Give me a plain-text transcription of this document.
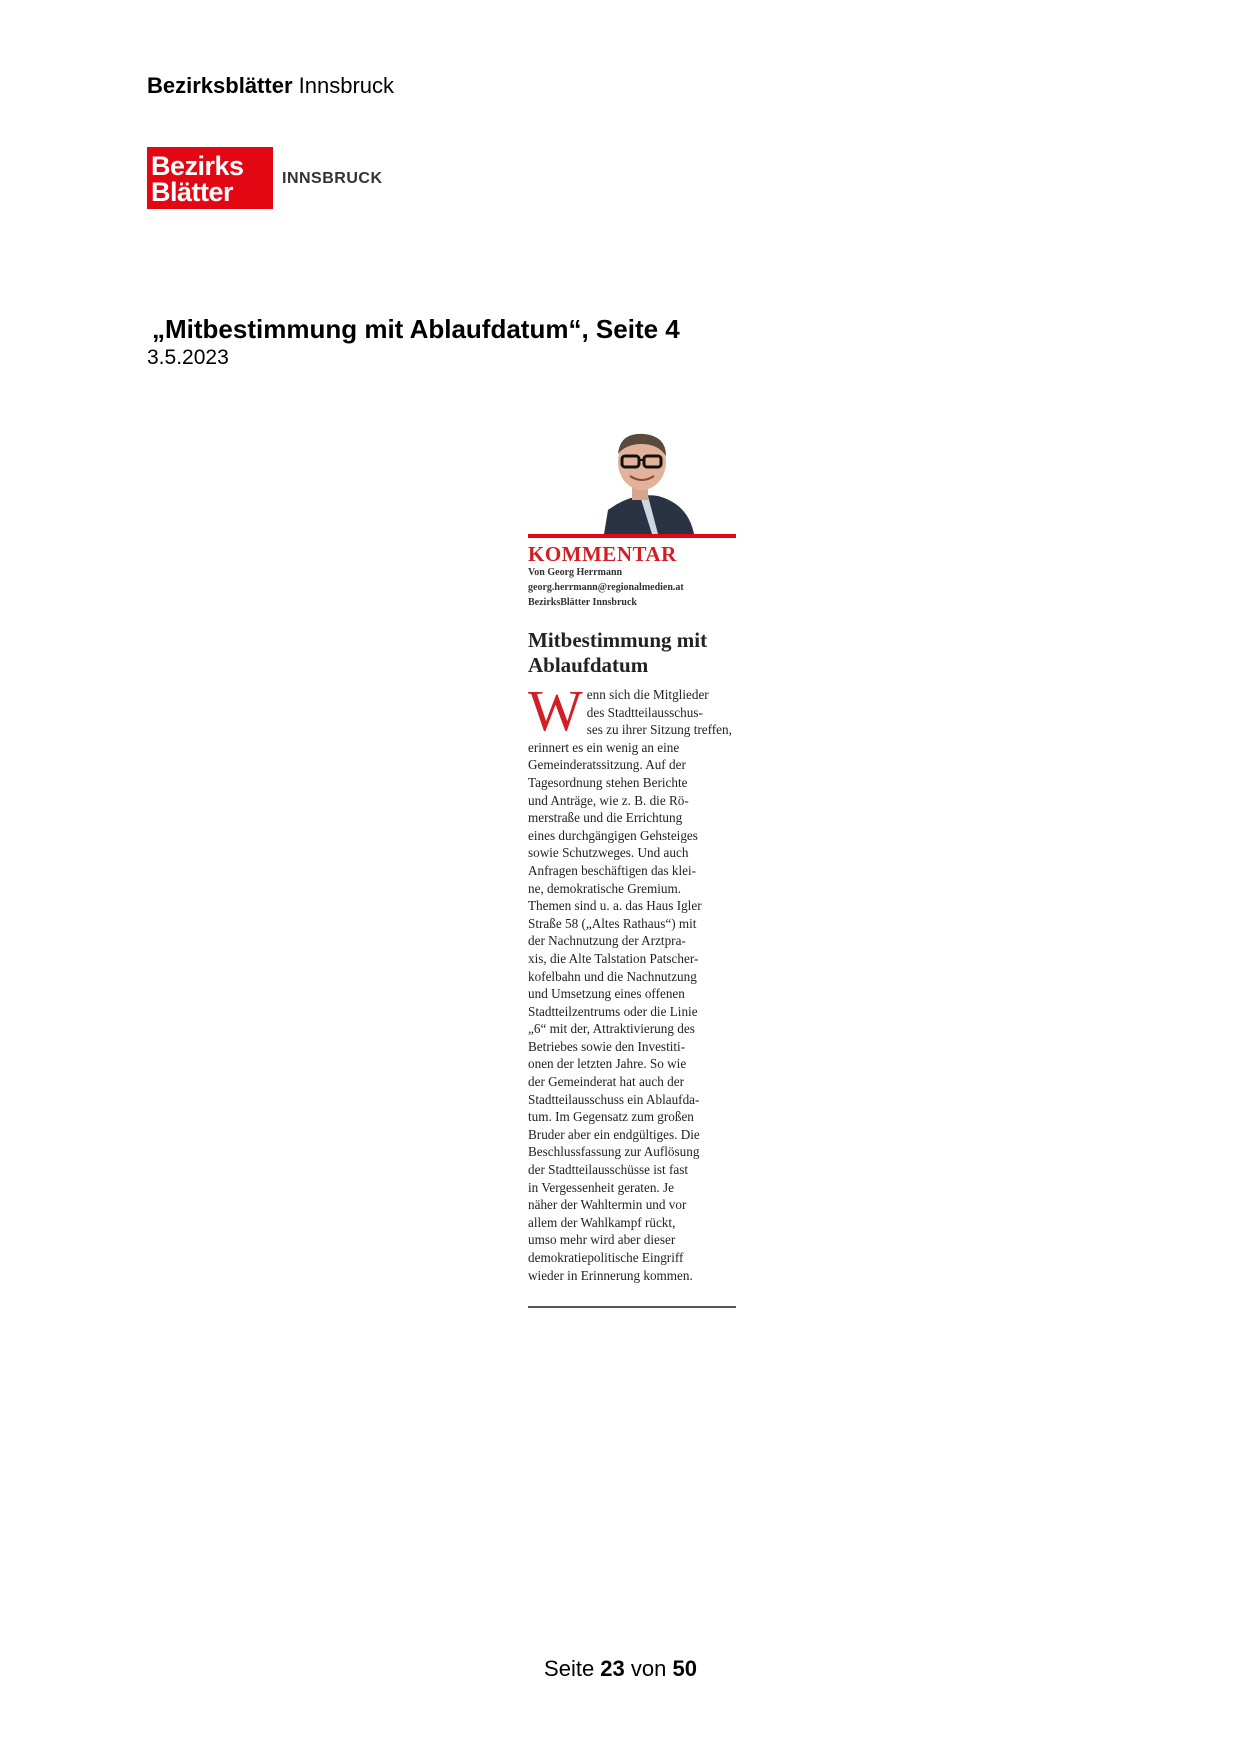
Bezirksblätter Innsbruck
Bezirks
Blätter	INNSBRUCK
„Mitbestimmung mit Ablaufdatum“, Seite 4
3.5.2023
KOMMENTAR
Von Georg Herrmann
georg.herrmann@regionalmedien.at
BezirksBlätter Innsbruck
Mitbestimmung mit
Ablaufdatum
W enn sich die Mitglieder
des Stadtteilausschus-
ses zu ihrer Sitzung treffen,
erinnert es ein wenig an eine
Gemeinderatssitzung. Auf der
Tagesordnung stehen Berichte
und Anträge, wie z. B. die Rö-
merstraße und die Errichtung
eines durchgängigen Gehsteiges
sowie Schutzweges. Und auch
Anfragen beschäftigen das klei-
ne, demokratische Gremium.
Themen sind u. a. das Haus Igler
Straße 58 („Altes Rathaus“) mit
der Nachnutzung der Arztpra-
xis, die Alte Talstation Patscher-
kofelbahn und die Nachnutzung
und Umsetzung eines offenen
Stadtteilzentrums oder die Linie
„6“ mit der, Attraktivierung des
Betriebes sowie den Investiti-
onen der letzten Jahre. So wie
der Gemeinderat hat auch der
Stadtteilausschuss ein Ablaufda-
tum. Im Gegensatz zum großen
Bruder aber ein endgültiges. Die
Beschlussfassung zur Auflösung
der Stadtteilausschüsse ist fast
in Vergessenheit geraten. Je
näher der Wahltermin und vor
allem der Wahlkampf rückt,
umso mehr wird aber dieser
demokratiepolitische Eingriff
wieder in Erinnerung kommen.
Seite 23 von 50
